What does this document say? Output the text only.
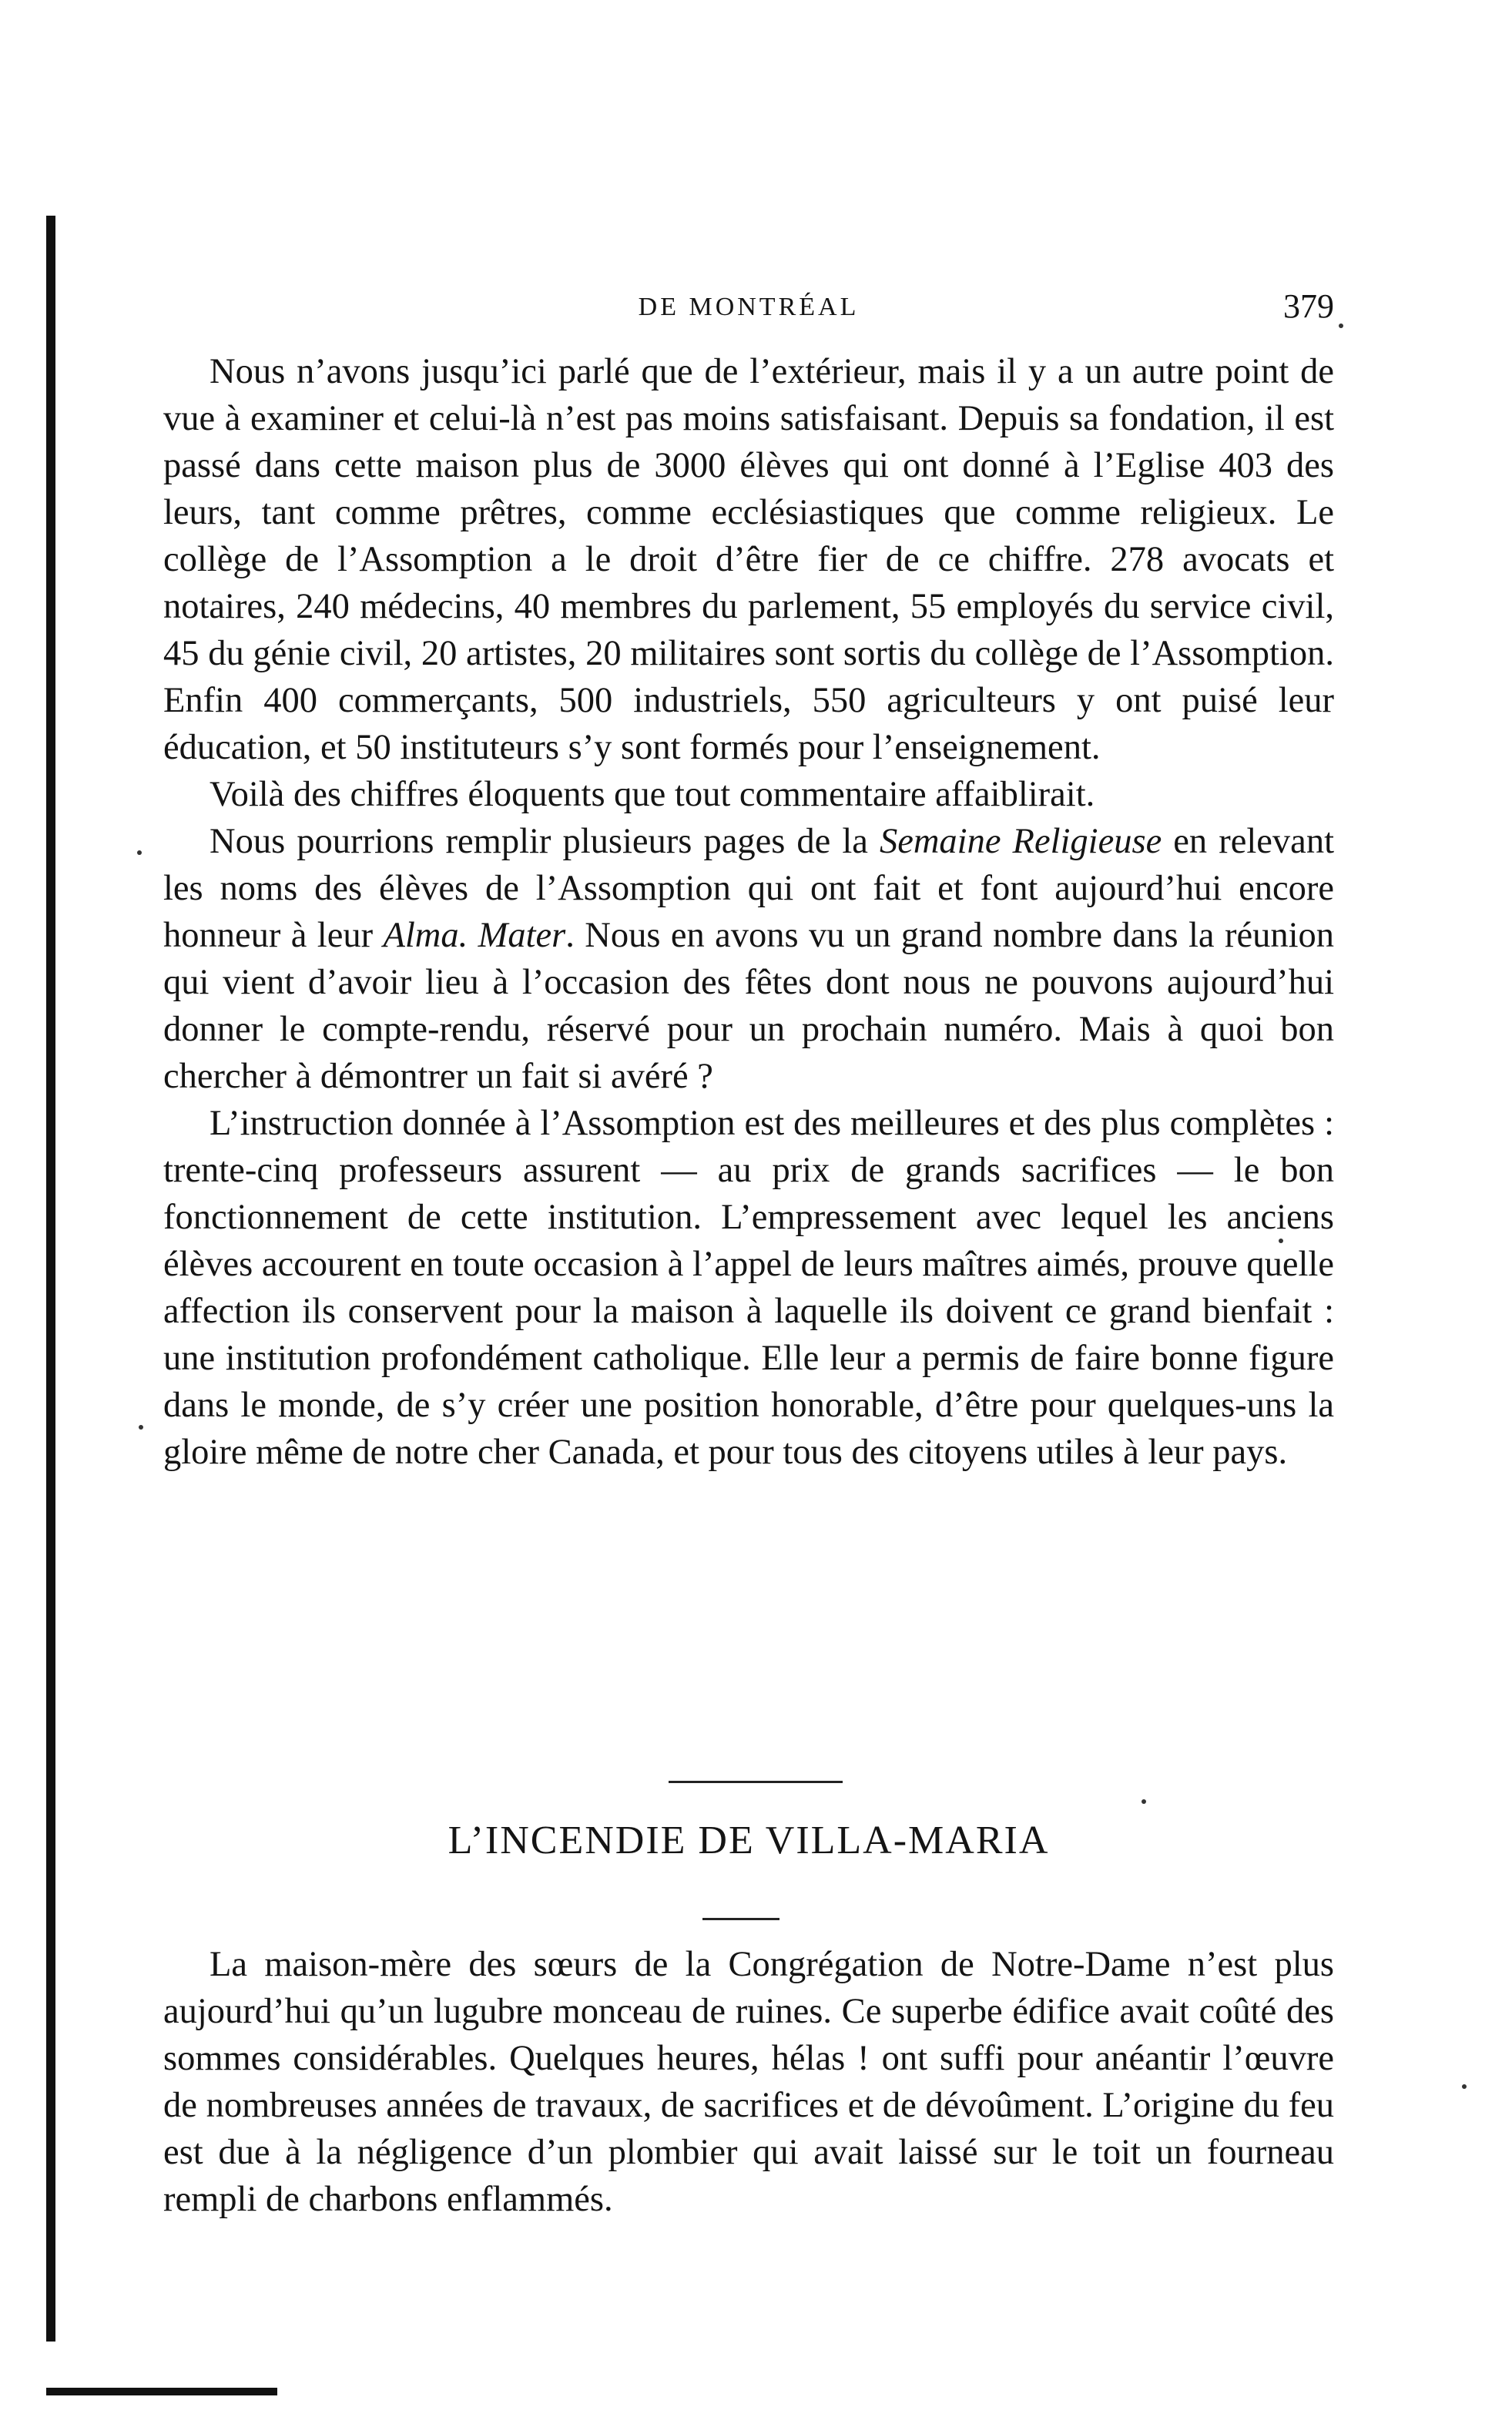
DE MONTRÉAL	379

Nous n’avons jusqu’ici parlé que de l’extérieur, mais il y a un autre point de vue à examiner et celui-là n’est pas moins satisfaisant. Depuis sa fondation, il est passé dans cette maison plus de 3000 élèves qui ont donné à l’Eglise 403 des leurs, tant comme prêtres, comme ecclésiastiques que comme religieux. Le collège de l’Assomption a le droit d’être fier de ce chiffre. 278 avocats et notaires, 240 médecins, 40 membres du parlement, 55 employés du service civil, 45 du génie civil, 20 artistes, 20 militaires sont sortis du collège de l’Assomption. Enfin 400 commerçants, 500 industriels, 550 agriculteurs y ont puisé leur éducation, et 50 instituteurs s’y sont formés pour l’enseignement.

Voilà des chiffres éloquents que tout commentaire affaiblirait.

Nous pourrions remplir plusieurs pages de la Semaine Religieuse en relevant les noms des élèves de l’Assomption qui ont fait et font aujourd’hui encore honneur à leur Alma. Mater. Nous en avons vu un grand nombre dans la réunion qui vient d’avoir lieu à l’occasion des fêtes dont nous ne pouvons aujourd’hui donner le compte-rendu, réservé pour un prochain numéro. Mais à quoi bon chercher à démontrer un fait si avéré ?

L’instruction donnée à l’Assomption est des meilleures et des plus complètes : trente-cinq professeurs assurent — au prix de grands sacrifices — le bon fonctionnement de cette institution. L’empressement avec lequel les anciens élèves accourent en toute occasion à l’appel de leurs maîtres aimés, prouve quelle affection ils conservent pour la maison à laquelle ils doivent ce grand bienfait : une institution profondément catholique. Elle leur a permis de faire bonne figure dans le monde, de s’y créer une position honorable, d’être pour quelques-uns la gloire même de notre cher Canada, et pour tous des citoyens utiles à leur pays.

L’INCENDIE DE VILLA-MARIA

La maison-mère des sœurs de la Congrégation de Notre-Dame n’est plus aujourd’hui qu’un lugubre monceau de ruines. Ce superbe édifice avait coûté des sommes considérables. Quelques heures, hélas ! ont suffi pour anéantir l’œuvre de nombreuses années de travaux, de sacrifices et de dévoûment. L’origine du feu est due à la négligence d’un plombier qui avait laissé sur le toit un fourneau rempli de charbons enflammés.
